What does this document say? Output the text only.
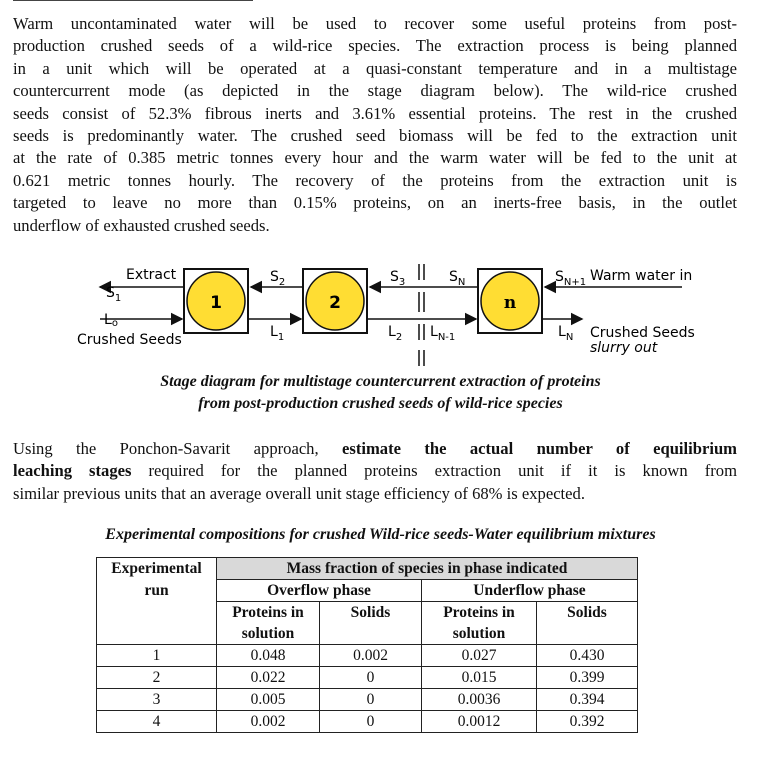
Warm uncontaminated water will be used to recover some useful proteins from post-
production crushed seeds of a wild-rice species. The extraction process is being planned
in a unit which will be operated at a quasi-constant temperature and in a multistage
countercurrent mode (as depicted in the stage diagram below). The wild-rice crushed
seeds consist of 52.3% fibrous inerts and 3.61% essential proteins. The rest in the crushed
seeds is predominantly water. The crushed seed biomass will be fed to the extraction unit
at the rate of 0.385 metric tonnes every hour and the warm water will be fed to the unit at
0.621 metric tonnes hourly. The recovery of the proteins from the extraction unit is
targeted to leave no more than 0.15% proteins, on an inerts-free basis, in the outlet
underflow of exhausted crushed seeds.
1	2	n
Extract
$S_1$
$S_2$	$S_3$	$S_N$	$S_{N+1}$ Warm water in
Lo
Crushed Seeds	$L_1$	$L_2$ $L_{N-1}$	$L_N$ Crushed Seeds
slurry out
Stage diagram for multistage countercurrent extraction of proteins
from post-production crushed seeds of wild-rice species
Using the Ponchon-Savarit approach, estimate the actual number of equilibrium
leaching stages required for the planned proteins extraction unit if it is known from
similar previous units that an average overall unit stage efficiency of 68% is expected.
Experimental compositions for crushed Wild-rice seeds-Water equilibrium mixtures
Experimental	Mass fraction of species in phase indicated			
run	Overflow phase		Underflow phase	
	Proteins in
solution	Solids	Proteins in
solution	Solids
1	0.048	0.002	0.027	0.430
2	0.022	0	0.015	0.399
3	0.005	0	0.0036	0.394
4	0.002	0	0.0012	0.392
